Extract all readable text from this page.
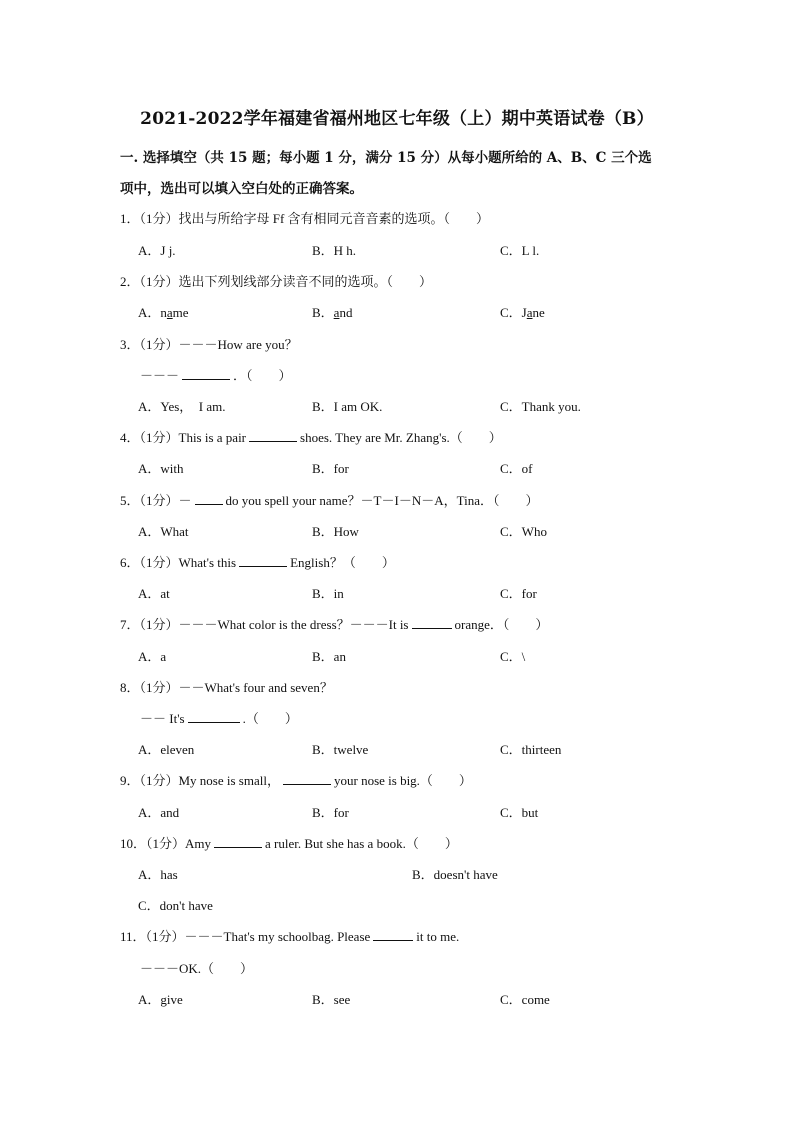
2021-2022学年福建省福州地区七年级（上）期中英语试卷（B）
一. 选择填空（共 15 题；每小题 1 分，满分 15 分）从每小题所给的 A、B、C 三个选
项中，选出可以填入空白处的正确答案。
1．（1分）找出与所给字母 Ff 含有相同元音音素的选项。（　　）
A．J j.	B．H h.	C．L l.
2．（1分）选出下列划线部分读音不同的选项。（　　）
A．name	B．and	C．Jane
3．（1分）－－－How are you？
－－－	．（　　）
A．Yes，　I am.	B．I am OK.	C．Thank you.
4．（1分）This is a pair	shoes. They are Mr. Zhang's.（　　）
A．with	B．for	C．of
5．（1分）－	do you spell your name？－T－I－N－A，Tina．（　　）
A．What	B．How	C．Who
6．（1分）What's this	English？（　　）
A．at	B．in	C．for
7．（1分）－－－What color is the dress？－－－It is	orange．（　　）
A．a	B．an	C．\
8．（1分）－－What's four and seven？
－－ It's	.（　　）
A．eleven	B．twelve	C．thirteen
9．（1分）My nose is small，	your nose is big.（　　）
A．and	B．for	C．but
10．（1分）Amy	a ruler. But she has a book.（　　）
A．has	B．doesn't have
C．don't have
11．（1分）－－－That's my schoolbag. Please	it to me.
－－－OK.（　　）
A．give	B．see	C．come
